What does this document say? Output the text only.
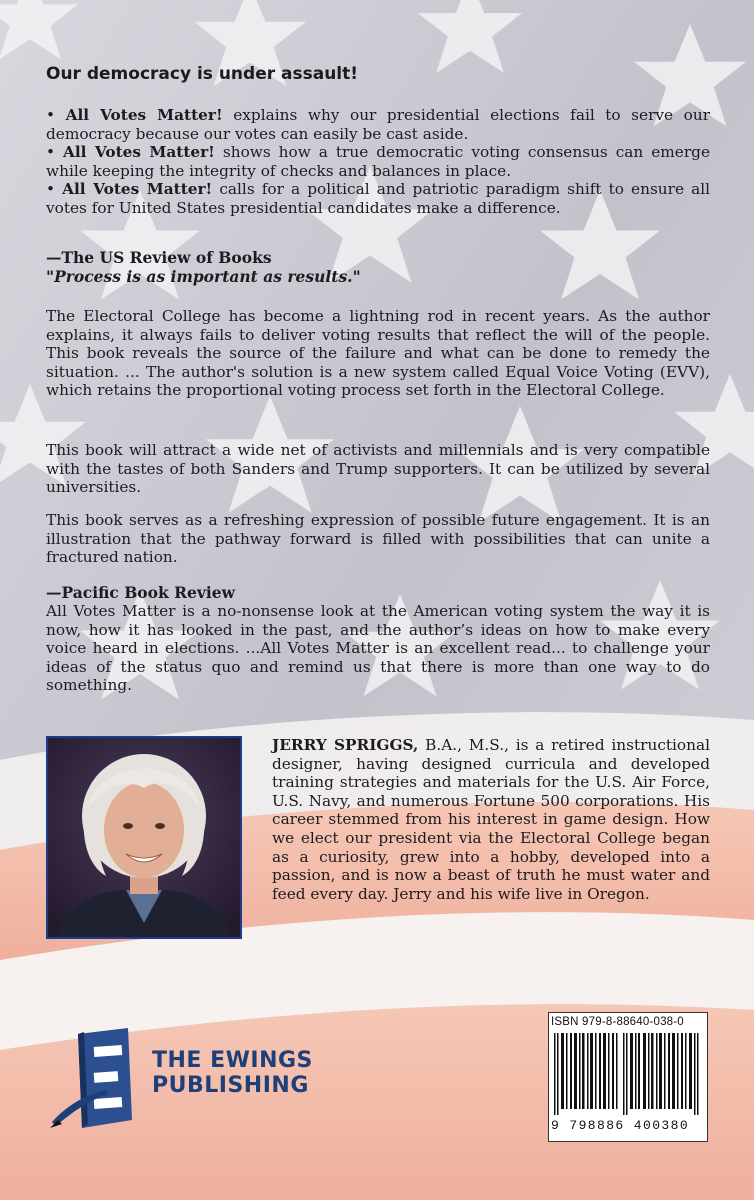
Our democracy is under assault!

• All Votes Matter! explains why our presidential elections fail to serve our democracy because our votes can easily be cast aside.

• All Votes Matter! shows how a true democratic voting consensus can emerge while keeping the integrity of checks and balances in place.

• All Votes Matter! calls for a political and patriotic paradigm shift to ensure all votes for United States presidential candidates make a difference.

—The US Review of Books
"Process is as important as results."

The Electoral College has become a lightning rod in recent years. As the author explains, it always fails to deliver voting results that reflect the will of the people. This book reveals the source of the failure and what can be done to remedy the situation. ... The author's solution is a new system called Equal Voice Voting (EVV), which retains the proportional voting process set forth in the Electoral College.

This book will attract a wide net of activists and millennials and is very compatible with the tastes of both Sanders and Trump supporters. It can be utilized by several universities.

This book serves as a refreshing expression of possible future engagement. It is an illustration that the pathway forward is filled with possibilities that can unite a fractured nation.

—Pacific Book Review

All Votes Matter is a no-nonsense look at the American voting system the way it is now, how it has looked in the past, and the author’s ideas on how to make every voice heard in elections. ...All Votes Matter is an excellent read... to challenge your ideas of the status quo and remind us that there is more than one way to do something.

JERRY SPRIGGS, B.A., M.S., is a retired instructional designer, having designed curricula and developed training strategies and materials for the U.S. Air Force, U.S. Navy, and numerous Fortune 500 corporations. His career stemmed from his interest in game design. How we elect our president via the Electoral College began as a curiosity, grew into a hobby, developed into a passion, and is now a beast of truth he must water and feed every day. Jerry and his wife live in Oregon.

THE EWINGS
PUBLISHING
ISBN 979-8-88640-038-0
9 798886 400380
